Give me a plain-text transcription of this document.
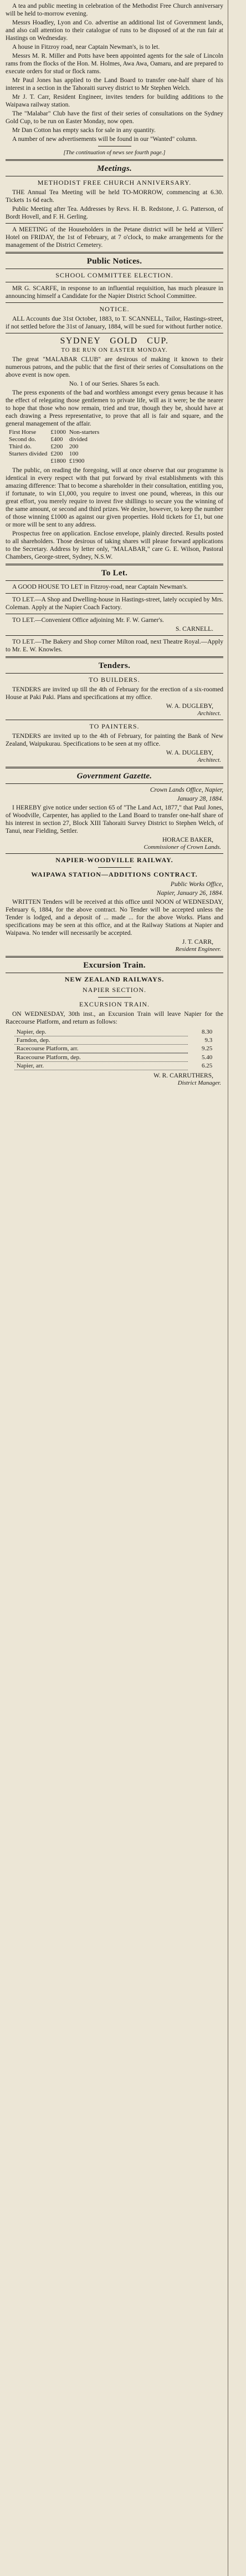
A tea and public meeting in celebration of the Methodist Free Church anniversary will be held to-morrow evening.

Messrs Hoadley, Lyon and Co. advertise an additional list of Government lands, and also call attention to their catalogue of runs to be disposed of at the run fair at Hastings on Wednesday.

A house in Fitzroy road, near Captain Newman's, is to let.

Messrs M. R. Miller and Potts have been appointed agents for the sale of Lincoln rams from the flocks of the Hon. M. Holmes, Awa Awa, Oamaru, and are prepared to execute orders for stud or flock rams.

Mr Paul Jones has applied to the Land Board to transfer one-half share of his interest in a section in the Tahoraiti survey district to Mr Stephen Welch.

Mr J. T. Carr, Resident Engineer, invites tenders for building additions to the Waipawa railway station.

The "Malabar" Club have the first of their series of consultations on the Sydney Gold Cup, to be run on Easter Monday, now open.

Mr Dan Cotton has empty sacks for sale in any quantity.

A number of new advertisements will be found in our "Wanted" column.

[The continuation of news see fourth page.]

Meetings.
METHODIST FREE CHURCH ANNIVERSARY.

THE Annual Tea Meeting will be held TO-MORROW, commencing at 6.30. Tickets 1s 6d each.

Public Meeting after Tea. Addresses by Revs. H. B. Redstone, J. G. Patterson, of Bordt Hovell, and F. H. Gerling.

A MEETING of the Householders in the Petane district will be held at Villers' Hotel on FRIDAY, the 1st of February, at 7 o'clock, to make arrangements for the management of the District Cemetery.

Public Notices.
SCHOOL COMMITTEE ELECTION.

MR G. SCARFE, in response to an influential requisition, has much pleasure in announcing himself a Candidate for the Napier District School Committee.

NOTICE.

ALL Accounts due 31st October, 1883, to T. SCANNELL, Tailor, Hastings-street, if not settled before the 31st of January, 1884, will be sued for without further notice.

SYDNEY GOLD CUP.
TO BE RUN ON EASTER MONDAY.

The great "MALABAR CLUB" are desirous of making it known to their numerous patrons, and the public that the first of their series of Consultations on the above event is now open.

No. 1 of our Series. Shares 5s each.

The press exponents of the bad and worthless amongst every genus because it has the effect of relegating those gentlemen to private life, will as it were; be the nearer to hope that those who now remain, tried and true, though they be, should have at each drawing a Press representative, to prove that all is fair and square, and the general management of the affair.

First Horse	£1000	Non-starters
Second do.	£400	divided
Third do.	£200	200
Starters divided	£200	100
	£1800	£1900

The public, on reading the foregoing, will at once observe that our programme is identical in every respect with that put forward by rival establishments with this amazing difference: That to become a shareholder in their consultation, entitling you, if fortunate, to win £1,000, you require to invest one pound, whereas, in this our great effort, you merely require to invest five shillings to secure you the winning of the same amount, or second and third prizes. We desire, however, to keep the number of those winning £1000 as against our given properties. Hold tickets for £1, but one or more will be sent to any address.

Prospectus free on application. Enclose envelope, plainly directed. Results posted to all shareholders. Those desirous of taking shares will please forward applications to the Secretary. Address by letter only, "MALABAR," care G. E. Wilson, Pastoral Chambers, George-street, Sydney, N.S.W.

To Let.

A GOOD HOUSE TO LET in Fitzroy-road, near Captain Newman's.

TO LET.—A Shop and Dwelling-house in Hastings-street, lately occupied by Mrs. Coleman. Apply at the Napier Coach Factory.

TO LET.—Convenient Office adjoining Mr. F. W. Garner's.

S. CARNELL.

TO LET.—The Bakery and Shop corner Milton road, next Theatre Royal.—Apply to Mr. E. W. Knowles.

Tenders.
TO BUILDERS.

TENDERS are invited up till the 4th of February for the erection of a six-roomed House at Paki Paki. Plans and specifications at my office.

W. A. DUGLEBY,

Architect.

TO PAINTERS.

TENDERS are invited up to the 4th of February, for painting the Bank of New Zealand, Waipukurau. Specifications to be seen at my office.

W. A. DUGLEBY,

Architect.

Government Gazette.

Crown Lands Office, Napier,

January 28, 1884.

I HEREBY give notice under section 65 of "The Land Act, 1877," that Paul Jones, of Woodville, Carpenter, has applied to the Land Board to transfer one-half share of his interest in section 27, Block XIII Tahoraiti Survey District to Stephen Welch, of Tanui, near Fielding, Settler.

HORACE BAKER,

Commissioner of Crown Lands.

NAPIER-WOODVILLE RAILWAY.
WAIPAWA STATION—ADDITIONS CONTRACT.

Public Works Office,

Napier, January 26, 1884.

WRITTEN Tenders will be received at this office until NOON of WEDNESDAY, February 6, 1884, for the above contract. No Tender will be accepted unless the Tender is lodged, and a deposit of ... made ... for the above Works. Plans and specifications may be seen at this office, and at the Railway Stations at Napier and Waipawa. No tender will necessarily be accepted.

J. T. CARR,

Resident Engineer.

Excursion Train.
NEW ZEALAND RAILWAYS.
NAPIER SECTION.
EXCURSION TRAIN.

ON WEDNESDAY, 30th inst., an Excursion Train will leave Napier for the Racecourse Platform, and return as follows:

Napier, dep.	8.30
Farndon, dep.	9.3
Racecourse Platform, arr.	9.25

Racecourse Platform, dep.	5.40
Napier, arr.	6.25

W. R. CARRUTHERS,

District Manager.
